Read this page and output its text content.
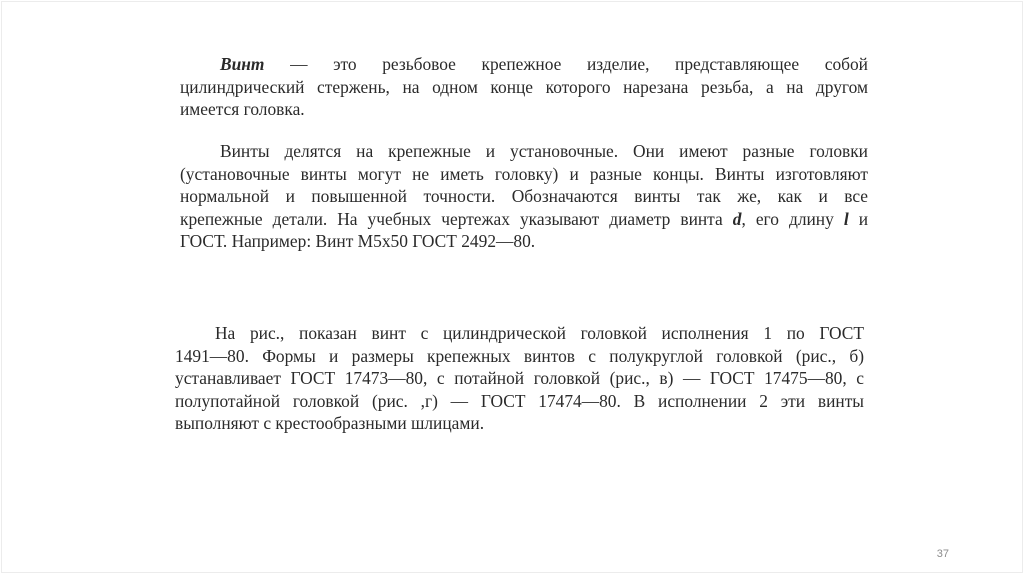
Винт — это резьбовое крепежное изделие, представляющее собой
цилиндрический стержень, на одном конце которого нарезана резьба, а на другом
имеется головка.
Винты делятся на крепежные и установочные. Они имеют разные головки
(установочные винты могут не иметь головку) и разные концы. Винты изготовляют
нормальной и повышенной точности. Обозначаются винты так же, как и все
крепежные детали. На учебных чертежах указывают диаметр винта d, его длину l и
ГОСТ. Например: Винт М5х50 ГОСТ 2492—80.
На рис., показан винт с цилиндрической головкой исполнения 1 по ГОСТ
1491—80. Формы и размеры крепежных винтов с полукруглой головкой (рис., б)
устанавливает ГОСТ 17473—80, с потайной головкой (рис., в) — ГОСТ 17475—80, с
полупотайной головкой (рис. ,г) — ГОСТ 17474—80. В исполнении 2 эти винты
выполняют с крестообразными шлицами.
37
